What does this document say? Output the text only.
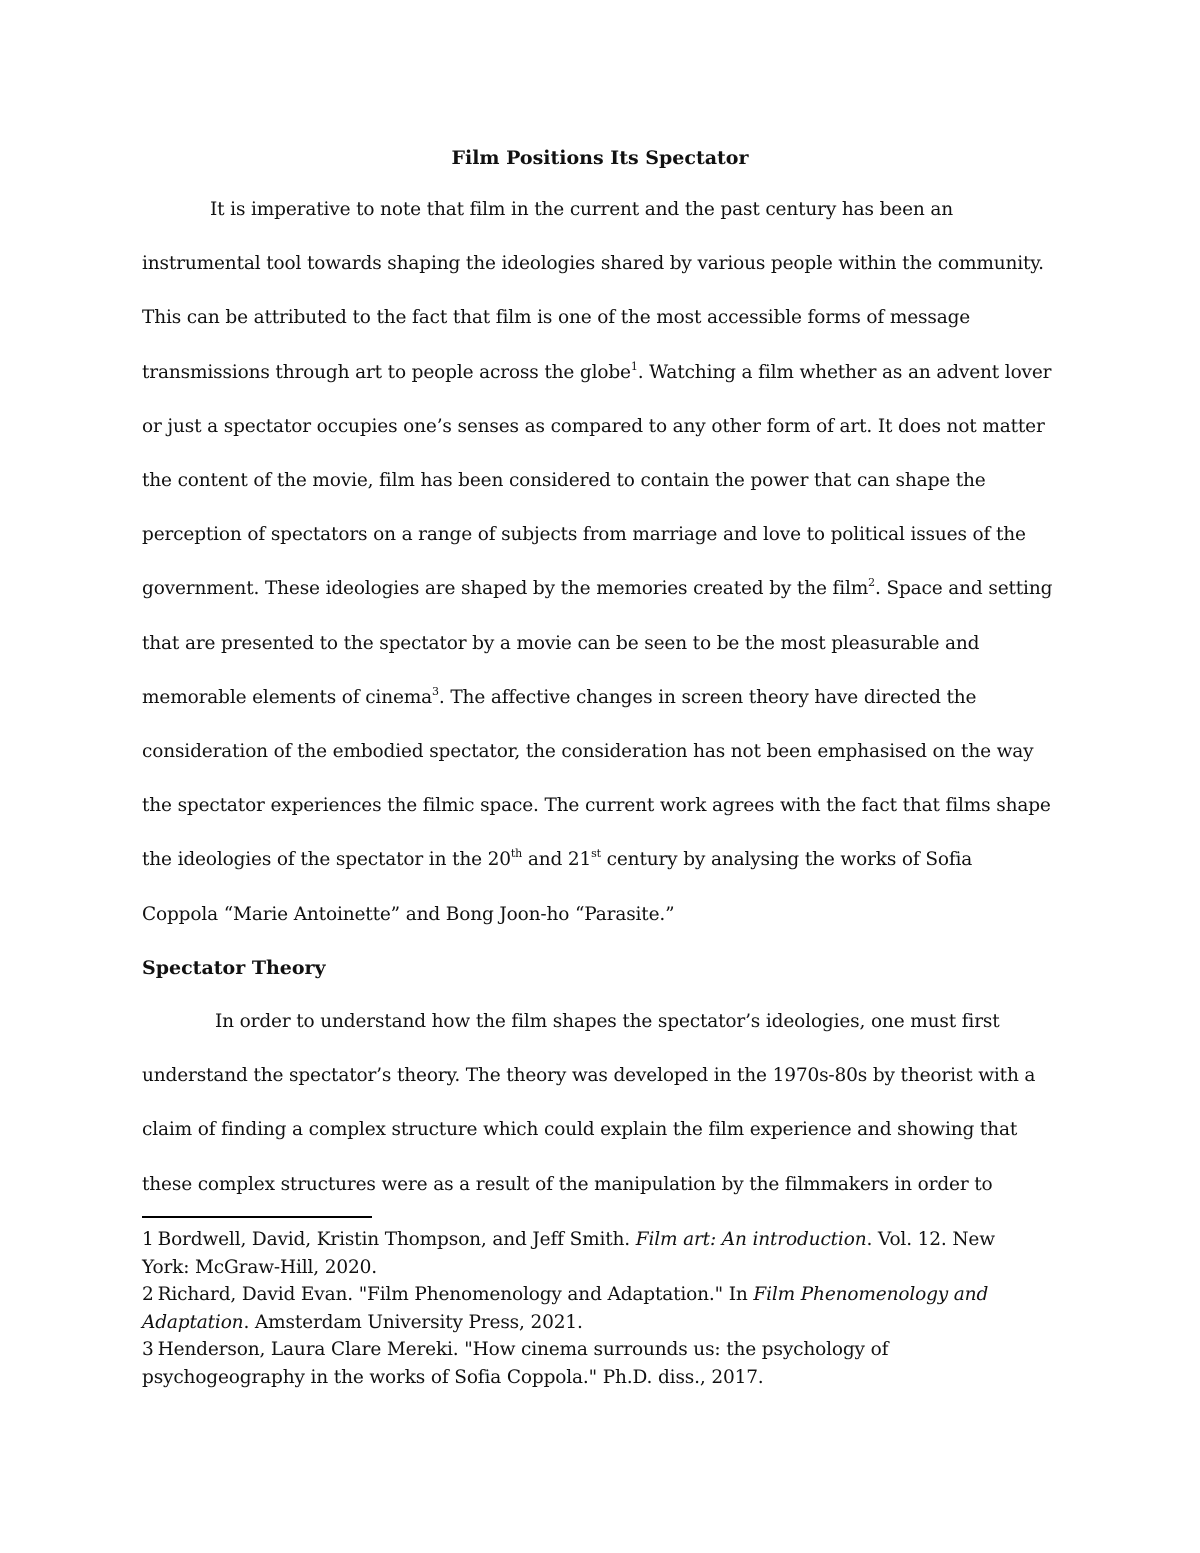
Film Positions Its Spectator
It is imperative to note that film in the current and the past century has been an
instrumental tool towards shaping the ideologies shared by various people within the community.
This can be attributed to the fact that film is one of the most accessible forms of message
transmissions through art to people across the globe$^1$. Watching a film whether as an advent lover
or just a spectator occupies one’s senses as compared to any other form of art. It does not matter
the content of the movie, film has been considered to contain the power that can shape the
perception of spectators on a range of subjects from marriage and love to political issues of the
government. These ideologies are shaped by the memories created by the film$^2$. Space and setting
that are presented to the spectator by a movie can be seen to be the most pleasurable and
memorable elements of cinema$^3$. The affective changes in screen theory have directed the
consideration of the embodied spectator, the consideration has not been emphasised on the way
the spectator experiences the filmic space. The current work agrees with the fact that films shape
the ideologies of the spectator in the 20th and 21st century by analysing the works of Sofia
Coppola “Marie Antoinette” and Bong Joon-ho “Parasite.”
Spectator Theory
In order to understand how the film shapes the spectator’s ideologies, one must first
understand the spectator’s theory. The theory was developed in the 1970s-80s by theorist with a
claim of finding a complex structure which could explain the film experience and showing that
these complex structures were as a result of the manipulation by the filmmakers in order to
1 Bordwell, David, Kristin Thompson, and Jeff Smith. Film art: An introduction. Vol. 12. New
York: McGraw-Hill, 2020.
2 Richard, David Evan. "Film Phenomenology and Adaptation." In Film Phenomenology and
Adaptation. Amsterdam University Press, 2021.
3 Henderson, Laura Clare Mereki. "How cinema surrounds us: the psychology of
psychogeography in the works of Sofia Coppola." Ph.D. diss., 2017.
